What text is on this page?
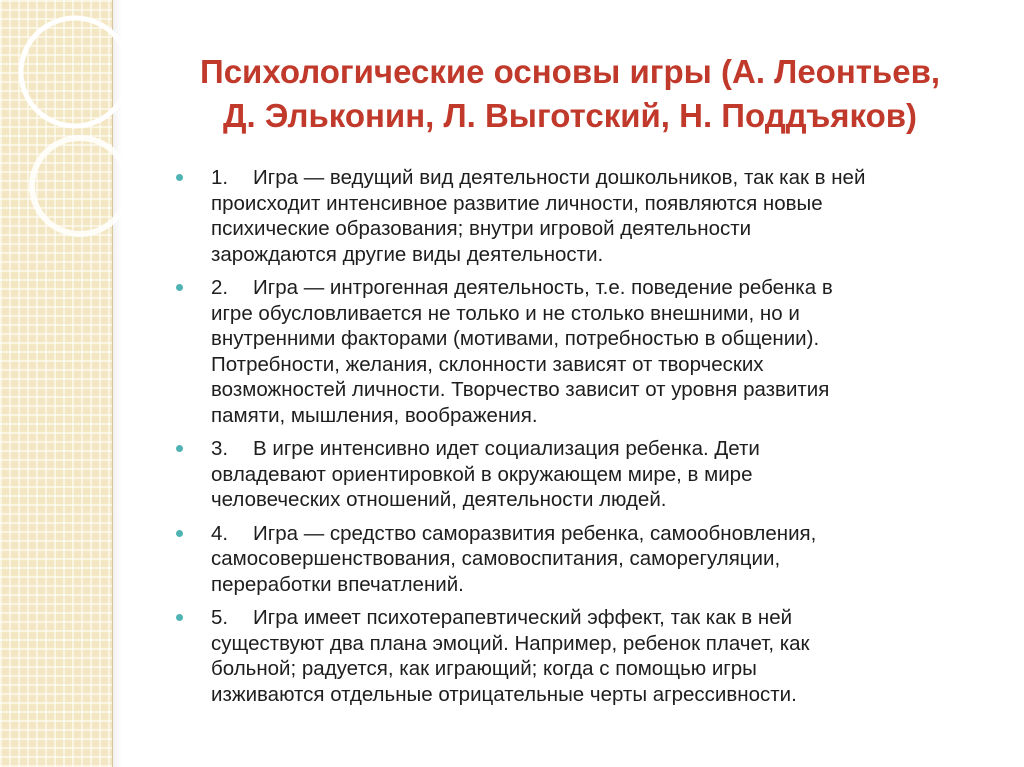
Психологические основы игры (А. Леонтьев,
Д. Эльконин, Л. Выготский, Н. Поддъяков)
1. Игра — ведущий вид деятельности дошкольников, так как в ней
происходит интенсивное развитие личности, появляются новые
психические образования; внутри игровой деятельности
зарождаются другие виды деятельности.
2. Игра — интрогенная деятельность, т.е. поведение ребенка в
игре обусловливается не только и не столько внешними, но и
внутренними факторами (мотивами, потребностью в общении).
Потребности, желания, склонности зависят от творческих
возможностей личности. Творчество зависит от уровня развития
памяти, мышления, воображения.
3. В игре интенсивно идет социализация ребенка. Дети
овладевают ориентировкой в окружающем мире, в мире
человеческих отношений, деятельности людей.
4. Игра — средство саморазвития ребенка, самообновления,
самосовершенствования, самовоспитания, саморегуляции,
переработки впечатлений.
5. Игра имеет психотерапевтический эффект, так как в ней
существуют два плана эмоций. Например, ребенок плачет, как
больной; радуется, как играющий; когда с помощью игры
изживаются отдельные отрицательные черты агрессивности.
